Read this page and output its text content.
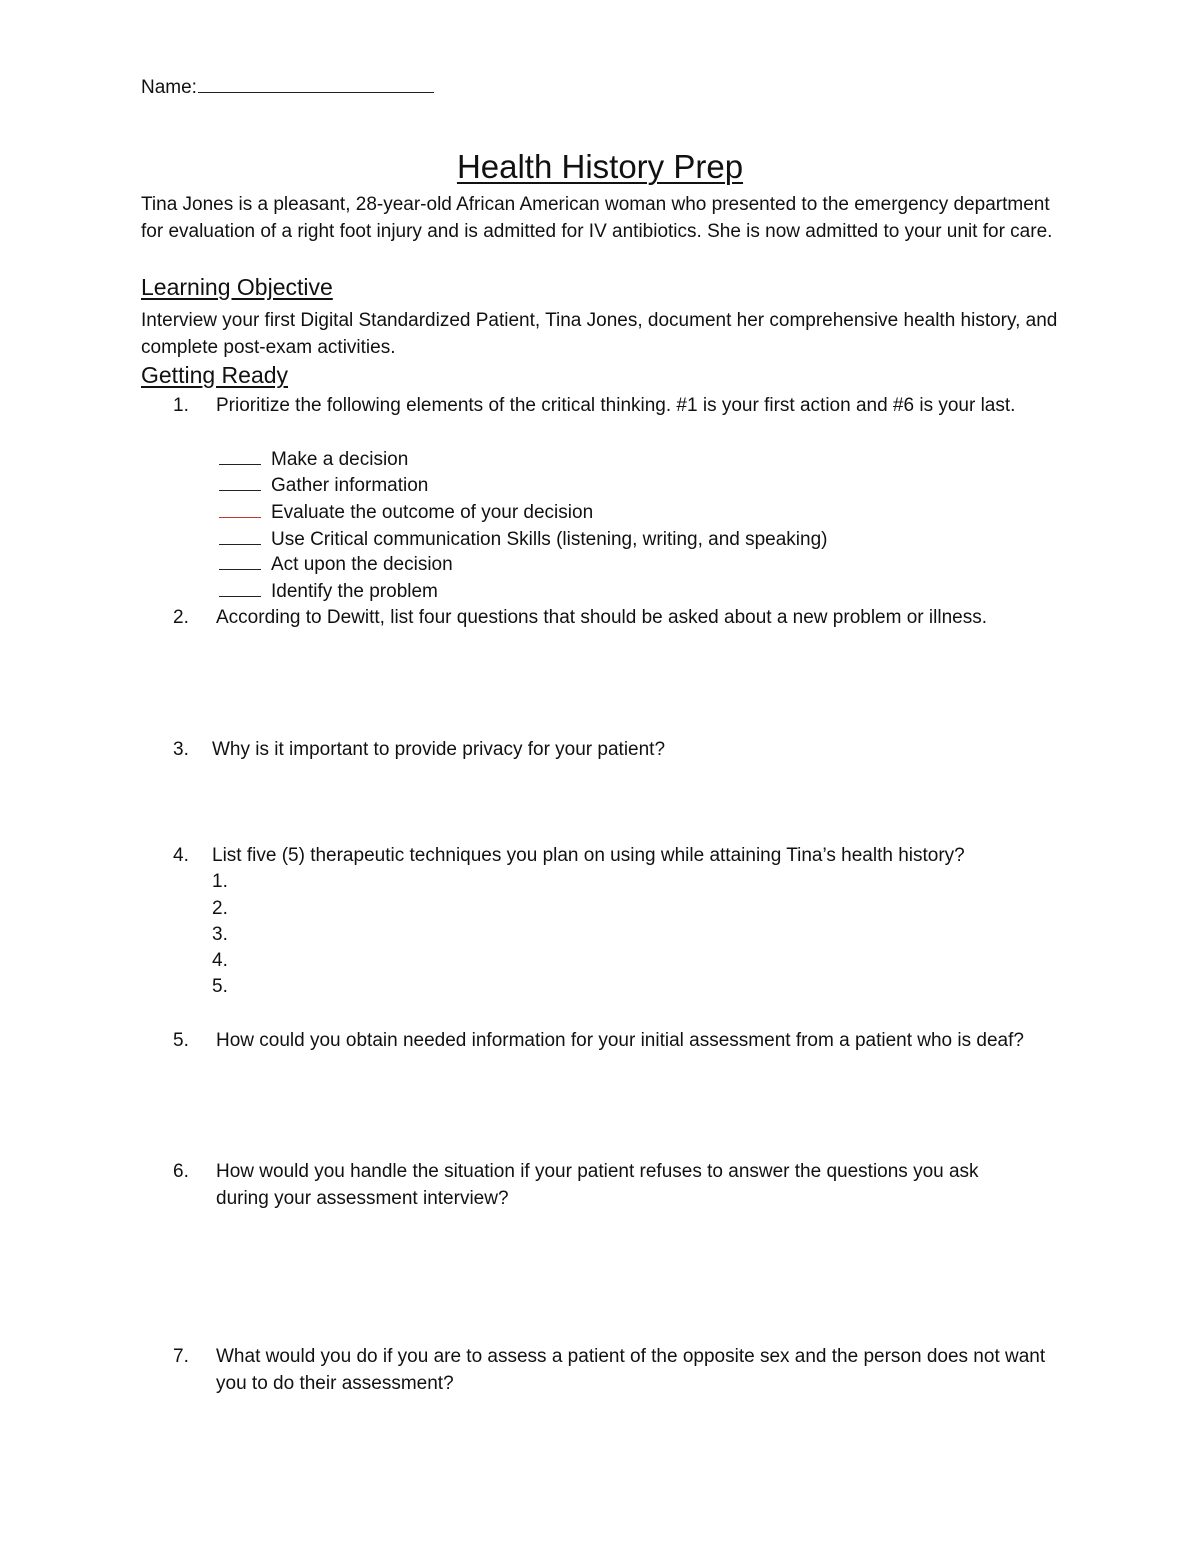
Name:
Health History Prep
Tina Jones is a pleasant, 28-year-old African American woman who presented to the emergency department for evaluation of a right foot injury and is admitted for IV antibiotics. She is now admitted to your unit for care.
Learning Objective
Interview your first Digital Standardized Patient, Tina Jones, document her comprehensive health history, and complete post-exam activities.
Getting Ready
1. Prioritize the following elements of the critical thinking. #1 is your first action and #6 is your last.
Make a decision
Gather information
Evaluate the outcome of your decision
Use Critical communication Skills (listening, writing, and speaking)
Act upon the decision
Identify the problem
2. According to Dewitt, list four questions that should be asked about a new problem or illness.
3. Why is it important to provide privacy for your patient?
4. List five (5) therapeutic techniques you plan on using while attaining Tina’s health history?
1.
2.
3.
4.
5.
5. How could you obtain needed information for your initial assessment from a patient who is deaf?
6. How would you handle the situation if your patient refuses to answer the questions you ask during your assessment interview?
7. What would you do if you are to assess a patient of the opposite sex and the person does not want you to do their assessment?
